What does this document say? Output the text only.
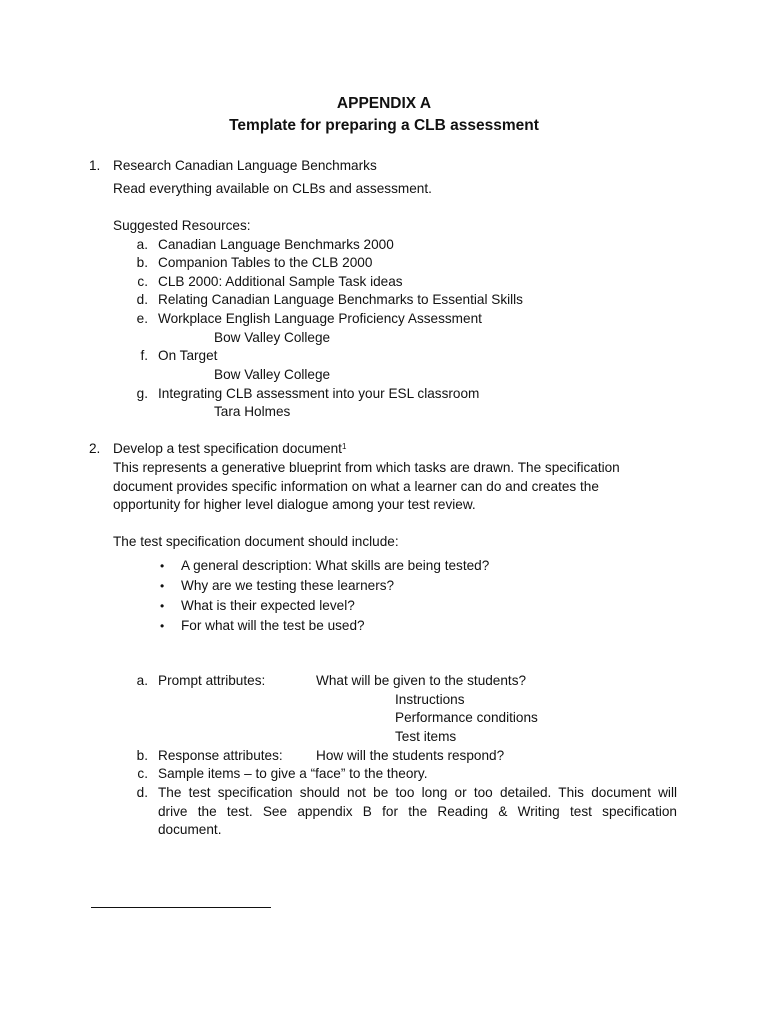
APPENDIX A
Template for preparing a CLB assessment
1. Research Canadian Language Benchmarks
Read everything available on CLBs and assessment.
Suggested Resources:
a. Canadian Language Benchmarks 2000
b. Companion Tables to the CLB 2000
c. CLB 2000: Additional Sample Task ideas
d. Relating Canadian Language Benchmarks to Essential Skills
e. Workplace English Language Proficiency Assessment
Bow Valley College
f. On Target
Bow Valley College
g. Integrating CLB assessment into your ESL classroom
Tara Holmes
2. Develop a test specification document$^1$
This represents a generative blueprint from which tasks are drawn. The specification
document provides specific information on what a learner can do and creates the
opportunity for higher level dialogue among your test review.
The test specification document should include:
• A general description: What skills are being tested?
• Why are we testing these learners?
• What is their expected level?
• For what will the test be used?
a. Prompt attributes:	What will be given to the students?
Instructions
Performance conditions
Test items
b. Response attributes: How will the students respond?
c. Sample items – to give a “face” to the theory.
d. The test specification should not be too long or too detailed. This document will
drive the test. See appendix B for the Reading & Writing test specification
document.
